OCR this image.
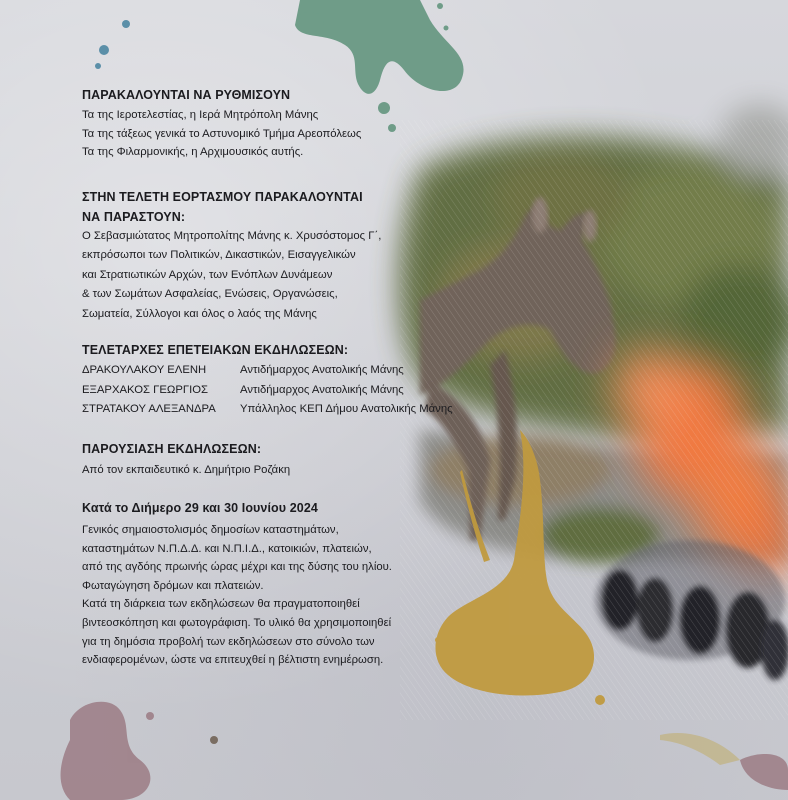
ΠΑΡΑΚΑΛΟΥΝΤΑΙ ΝΑ ΡΥΘΜΙΣΟΥΝ
Τα της Ιεροτελεστίας, η Ιερά Μητρόπολη Μάνης
Τα της τάξεως γενικά το Αστυνομικό Τμήμα Αρεοπόλεως
Τα της Φιλαρμονικής, η Αρχιμουσικός αυτής.
ΣΤΗΝ ΤΕΛΕΤΗ ΕΟΡΤΑΣΜΟΥ ΠΑΡΑΚΑΛΟΥΝΤΑΙ
ΝΑ ΠΑΡΑΣΤΟΥΝ:
Ο Σεβασμιώτατος Μητροπολίτης Μάνης κ. Χρυσόστομος Γ΄,
εκπρόσωποι των Πολιτικών, Δικαστικών, Εισαγγελικών
και Στρατιωτικών Αρχών, των Ενόπλων Δυνάμεων
& των Σωμάτων Ασφαλείας, Ενώσεις, Οργανώσεις,
Σωματεία, Σύλλογοι και όλος ο λαός της Μάνης
ΤΕΛΕΤΑΡΧΕΣ ΕΠΕΤΕΙΑΚΩΝ ΕΚΔΗΛΩΣΕΩΝ:
ΔΡΑΚΟΥΛΑΚΟΥ ΕΛΕΝΗ	Αντιδήμαρχος Ανατολικής Μάνης
ΕΞΑΡΧΑΚΟΣ ΓΕΩΡΓΙΟΣ	Αντιδήμαρχος Ανατολικής Μάνης
ΣΤΡΑΤΑΚΟΥ ΑΛΕΞΑΝΔΡΑ Υπάλληλος ΚΕΠ Δήμου Ανατολικής Μάνης
ΠΑΡΟΥΣΙΑΣΗ ΕΚΔΗΛΩΣΕΩΝ:
Από τον εκπαιδευτικό κ. Δημήτριο Ροζάκη
Κατά το Διήμερο 29 και 30 Ιουνίου 2024
Γενικός σημαιοστολισμός δημοσίων καταστημάτων,
καταστημάτων Ν.Π.Δ.Δ. και Ν.Π.Ι.Δ., κατοικιών, πλατειών,
από της αγδόης πρωινής ώρας μέχρι και της δύσης του ηλίου.
Φωταγώγηση δρόμων και πλατειών.
Κατά τη διάρκεια των εκδηλώσεων θα πραγματοποιηθεί
βιντεοσκόπηση και φωτογράφιση. Το υλικό θα χρησιμοποιηθεί
για τη δημόσια προβολή των εκδηλώσεων στο σύνολο των
ενδιαφερομένων, ώστε να επιτευχθεί η βέλτιστη ενημέρωση.
